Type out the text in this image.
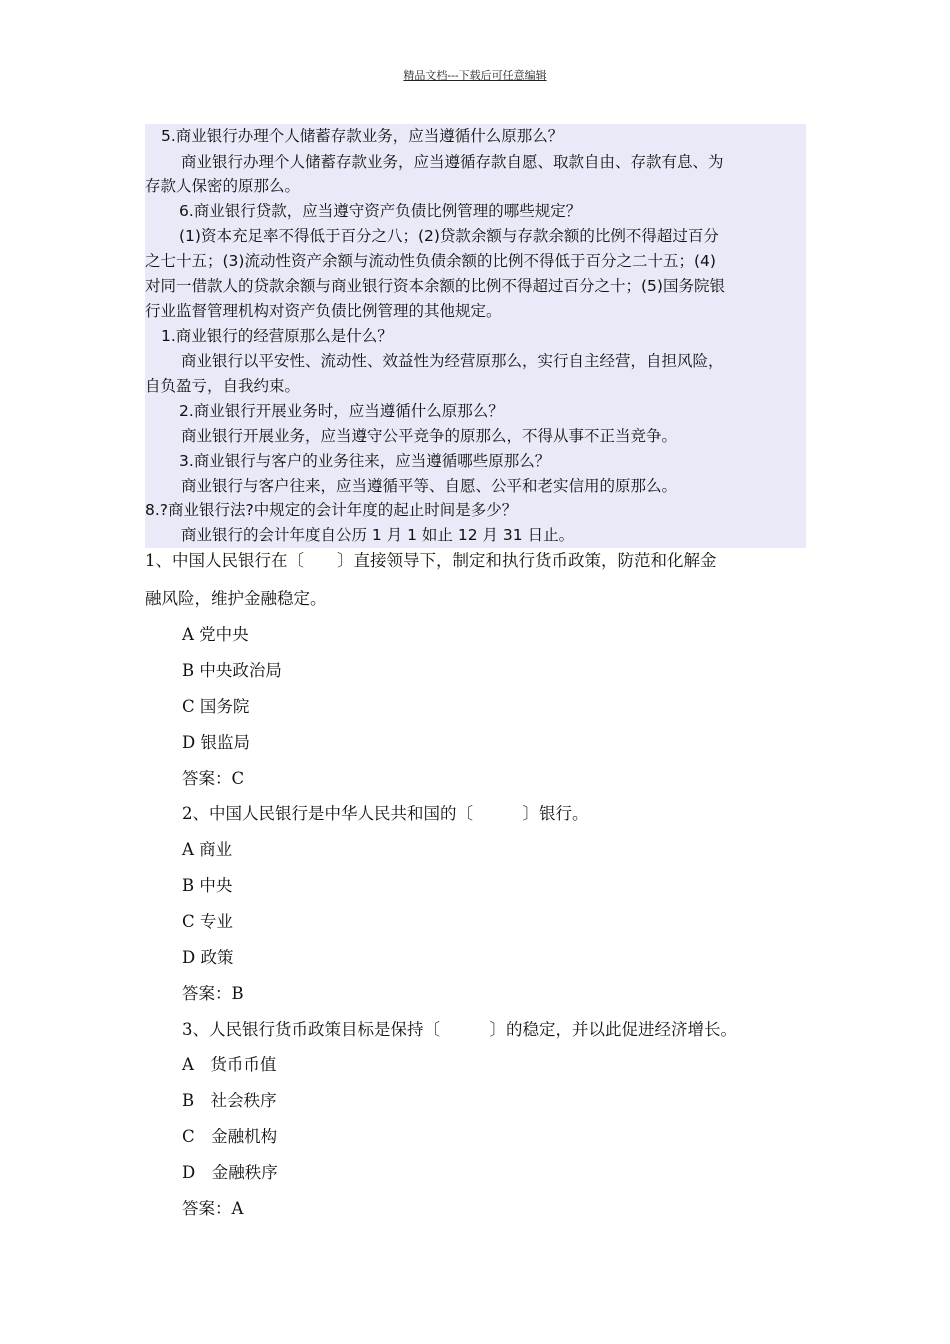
精品文档---下载后可任意编辑
5.商业银行办理个人储蓄存款业务，应当遵循什么原那么？
商业银行办理个人储蓄存款业务，应当遵循存款自愿、取款自由、存款有息、为
存款人保密的原那么。
6.商业银行贷款，应当遵守资产负债比例管理的哪些规定？
(1)资本充足率不得低于百分之八；(2)贷款余额与存款余额的比例不得超过百分
之七十五；(3)流动性资产余额与流动性负债余额的比例不得低于百分之二十五；(4)
对同一借款人的贷款余额与商业银行资本余额的比例不得超过百分之十；(5)国务院银
行业监督管理机构对资产负债比例管理的其他规定。
1.商业银行的经营原那么是什么？
商业银行以平安性、流动性、效益性为经营原那么，实行自主经营，自担风险，
自负盈亏，自我约束。
2.商业银行开展业务时，应当遵循什么原那么？
商业银行开展业务，应当遵守公平竞争的原那么，不得从事不正当竞争。
3.商业银行与客户的业务往来，应当遵循哪些原那么？
商业银行与客户往来，应当遵循平等、自愿、公平和老实信用的原那么。
8.?商业银行法?中规定的会计年度的起止时间是多少？
商业银行的会计年度自公历 1 月 1 如止 12 月 31 日止。
1、中国人民银行在〔　　〕直接领导下，制定和执行货币政策，防范和化解金
融风险，维护金融稳定。
A 党中央
B 中央政治局
C 国务院
D 银监局
答案：C
2、中国人民银行是中华人民共和国的〔　　　〕银行。
A 商业
B 中央
C 专业
D 政策
答案：B
3、人民银行货币政策目标是保持〔　　　〕的稳定，并以此促进经济增长。
A　货币币值
B　社会秩序
C　金融机构
D　金融秩序
答案：A
